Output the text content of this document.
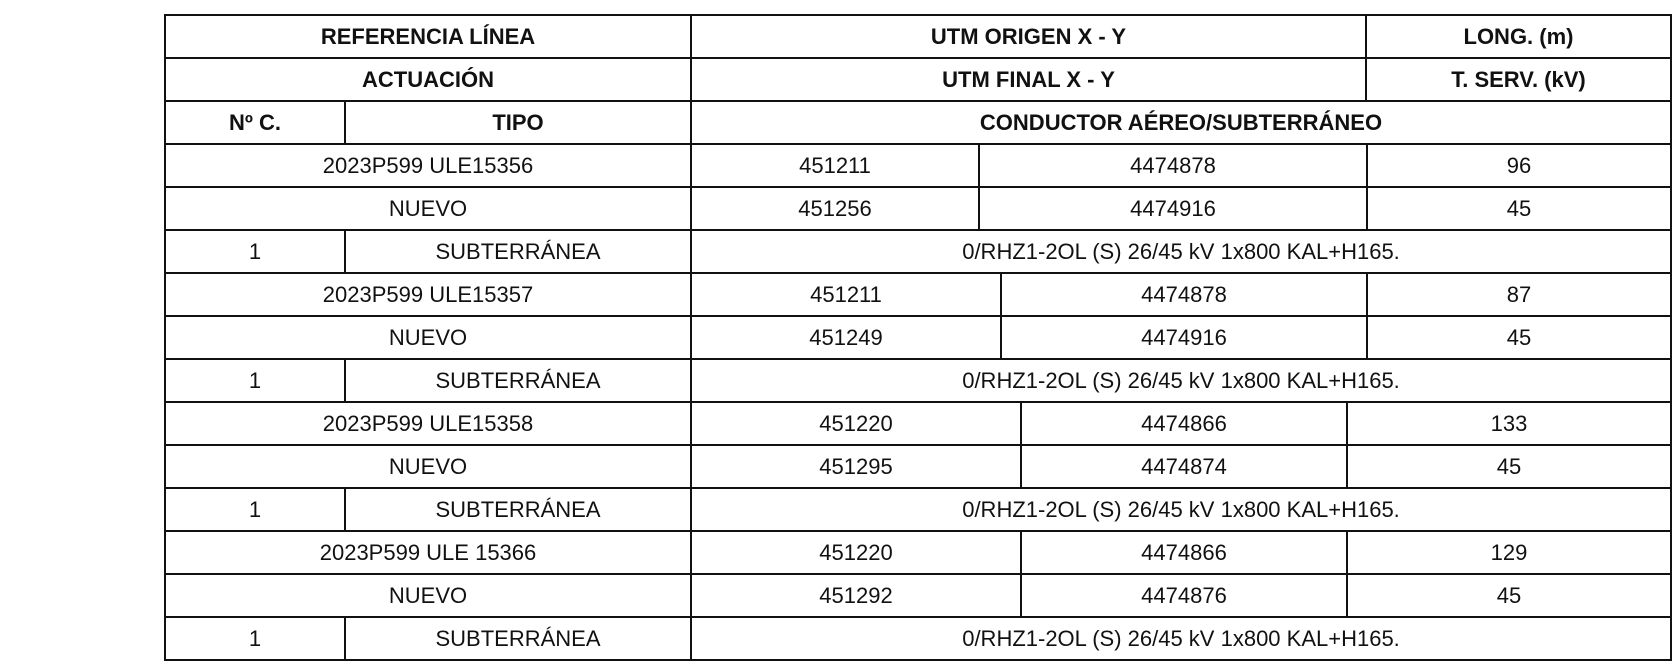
REFERENCIA LÍNEA	UTM ORIGEN X - Y	LONG. (m)
ACTUACIÓN	UTM FINAL X - Y	T. SERV. (kV)
Nº C.	TIPO	CONDUCTOR AÉREO/SUBTERRÁNEO
2023P599 ULE15356	451211	4474878	96
NUEVO	451256	4474916	45
1	SUBTERRÁNEA	0/RHZ1-2OL (S) 26/45 kV 1x800 KAL+H165.
2023P599 ULE15357	451211	4474878	87
NUEVO	451249	4474916	45
1	SUBTERRÁNEA	0/RHZ1-2OL (S) 26/45 kV 1x800 KAL+H165.
2023P599 ULE15358	451220	4474866	133
NUEVO	451295	4474874	45
1	SUBTERRÁNEA	0/RHZ1-2OL (S) 26/45 kV 1x800 KAL+H165.
2023P599 ULE 15366	451220	4474866	129
NUEVO	451292	4474876	45
1	SUBTERRÁNEA	0/RHZ1-2OL (S) 26/45 kV 1x800 KAL+H165.
